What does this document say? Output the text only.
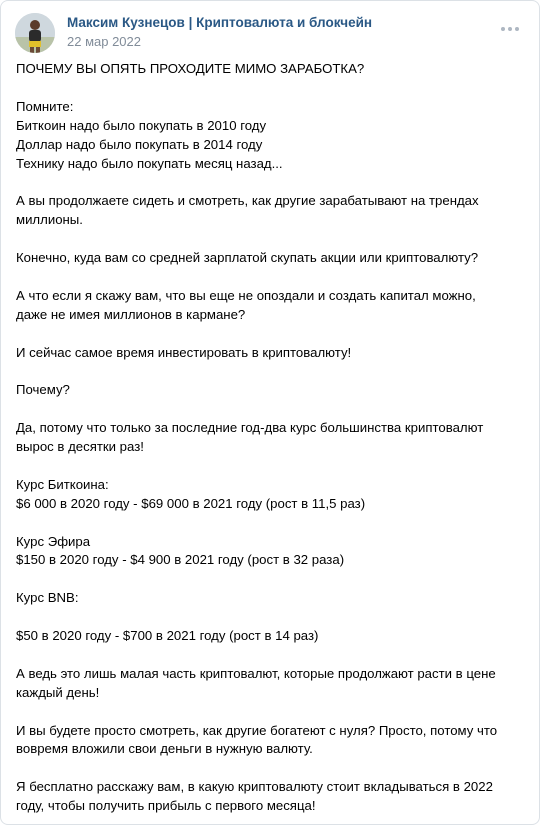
Максим Кузнецов | Криптовалюта и блокчейн
22 мар 2022

ПОЧЕМУ ВЫ ОПЯТЬ ПРОХОДИТЕ МИМО ЗАРАБОТКА?

Помните:

Биткоин надо было покупать в 2010 году

Доллар надо было покупать в 2014 году

Технику надо было покупать месяц назад...

А вы продолжаете сидеть и смотреть, как другие зарабатывают на трендах

миллионы.

Конечно, куда вам со средней зарплатой скупать акции или криптовалюту?

А что если я скажу вам, что вы еще не опоздали и создать капитал можно,

даже не имея миллионов в кармане?

И сейчас самое время инвестировать в криптовалюту!

Почему?

Да, потому что только за последние год-два курс большинства криптовалют

вырос в десятки раз!

Курс Биткоина:

$6 000 в 2020 году - $69 000 в 2021 году (рост в 11,5 раз)

Курс Эфира

$150 в 2020 году - $4 900 в 2021 году (рост в 32 раза)

Курс BNB:

$50 в 2020 году - $700 в 2021 году (рост в 14 раз)

А ведь это лишь малая часть криптовалют, которые продолжают расти в цене

каждый день!

И вы будете просто смотреть, как другие богатеют с нуля? Просто, потому что

вовремя вложили свои деньги в нужную валюту.

Я бесплатно расскажу вам, в какую криптовалюту стоит вкладываться в 2022

году, чтобы получить прибыль с первого месяца!
